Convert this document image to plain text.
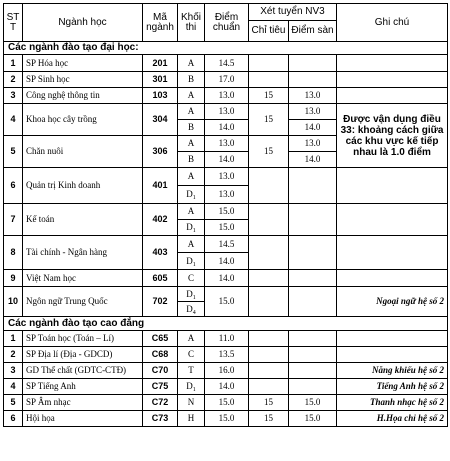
ST T	Ngành học	Mã ngành	Khối thi	Điểm chuẩn	Xét tuyển NV3		Ghi chú
					Chỉ tiêu	Điểm sàn	
Các ngành đào tạo đại học:							
1	SP Hóa học	201	A	14.5			
2	SP Sinh học	301	B	17.0			
3	Công nghệ thông tin	103	A	13.0	15	13.0	
4	Khoa học cây trồng	304	A	13.0	15	13.0	Được vận dụng điều 33: khoảng cách giữa các khu vực kế tiếp nhau là 1.0 điểm
			B	14.0		14.0	
5	Chăn nuôi	306	A	13.0	15	13.0	
			B	14.0		14.0	
6	Quản trị Kinh doanh	401	A	13.0			
			$D_1$	13.0			
7	Kế toán	402	A	15.0			
			$D_1$	15.0			
8	Tài chính - Ngân hàng	403	A	14.5			
			$D_1$	14.0			
9	Việt Nam học	605	C	14.0			
10	Ngôn ngữ Trung Quốc	702	$D_1$	15.0			Ngoại ngữ hệ số 2
			$D_4$
Các ngành đào tạo cao đẳng							
1	SP Toán học (Toán – Lí)	C65	A	11.0			
2	SP Địa lí (Địa - GDCD)	C68	C	13.5			
3	GD Thể chất (GDTC-CTĐ)	C70	T	16.0			Năng khiếu hệ số 2
4	SP Tiếng Anh	C75	$D_1$	14.0			Tiếng Anh hệ số 2
5	SP Âm nhạc	C72	N	15.0	15	15.0	Thanh nhạc hệ số 2
6	Hội họa	C73	H	15.0	15	15.0	H.Họa chỉ hệ số 2
